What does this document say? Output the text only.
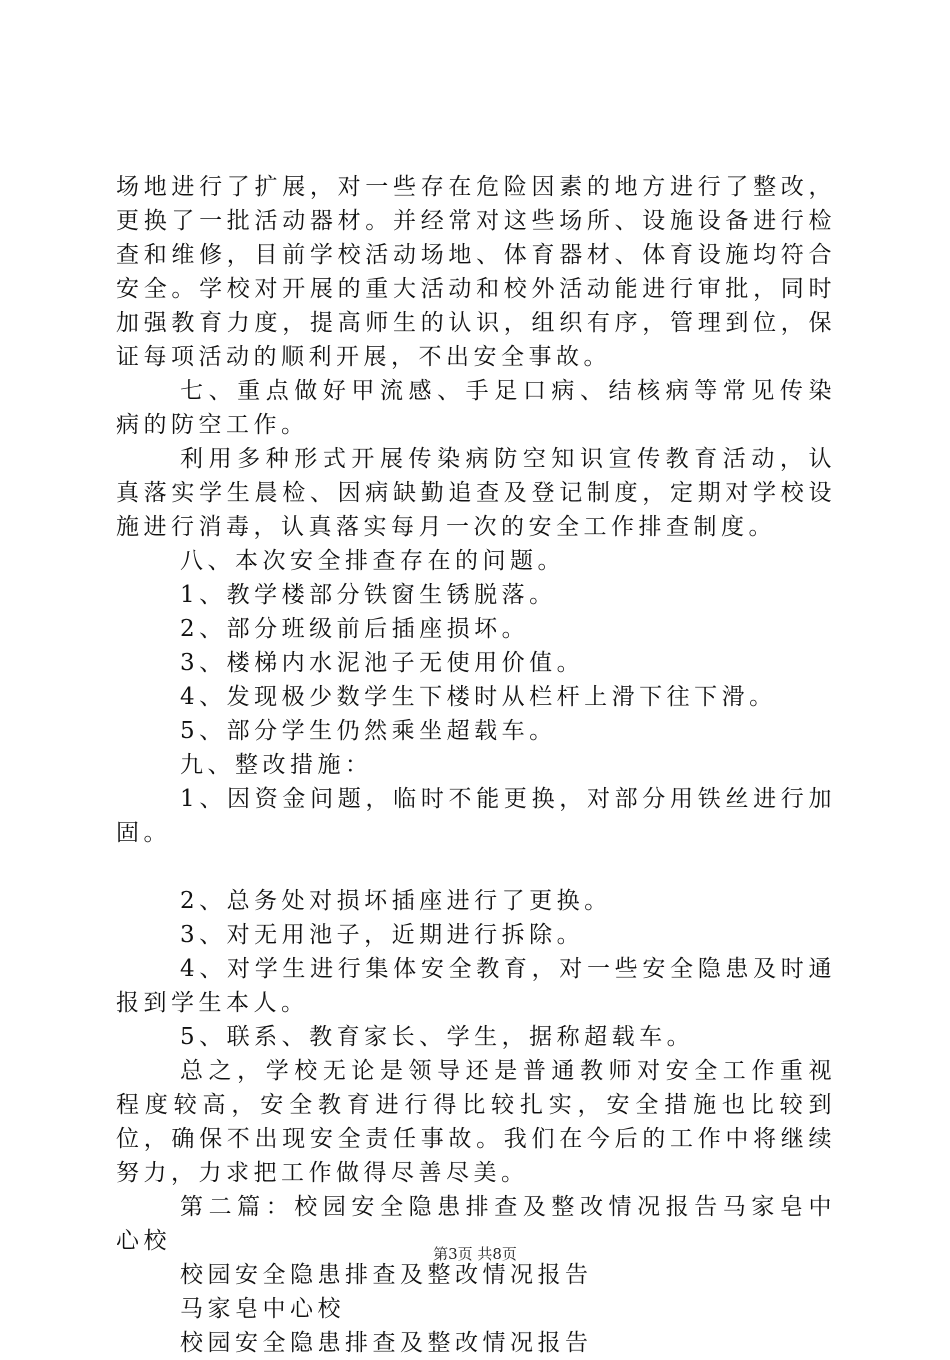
场地进行了扩展，对一些存在危险因素的地方进行了整改，更换了一批活动器材。并经常对这些场所、设施设备进行检查和维修，目前学校活动场地、体育器材、体育设施均符合安全。学校对开展的重大活动和校外活动能进行审批，同时加强教育力度，提高师生的认识，组织有序，管理到位，保证每项活动的顺利开展，不出安全事故。

七、重点做好甲流感、手足口病、结核病等常见传染病的防空工作。

利用多种形式开展传染病防空知识宣传教育活动，认真落实学生晨检、因病缺勤追查及登记制度，定期对学校设施进行消毒，认真落实每月一次的安全工作排查制度。

八、本次安全排查存在的问题。

1、教学楼部分铁窗生锈脱落。

2、部分班级前后插座损坏。

3、楼梯内水泥池子无使用价值。

4、发现极少数学生下楼时从栏杆上滑下往下滑。

5、部分学生仍然乘坐超载车。

九、整改措施：

1、因资金问题，临时不能更换，对部分用铁丝进行加固。

2、总务处对损坏插座进行了更换。

3、对无用池子，近期进行拆除。

4、对学生进行集体安全教育，对一些安全隐患及时通报到学生本人。

5、联系、教育家长、学生，据称超载车。

总之，学校无论是领导还是普通教师对安全工作重视程度较高，安全教育进行得比较扎实，安全措施也比较到位，确保不出现安全责任事故。我们在今后的工作中将继续努力，力求把工作做得尽善尽美。

第二篇：校园安全隐患排查及整改情况报告马家皂中心校

校园安全隐患排查及整改情况报告

马家皂中心校

校园安全隐患排查及整改情况报告

第3页 共8页
